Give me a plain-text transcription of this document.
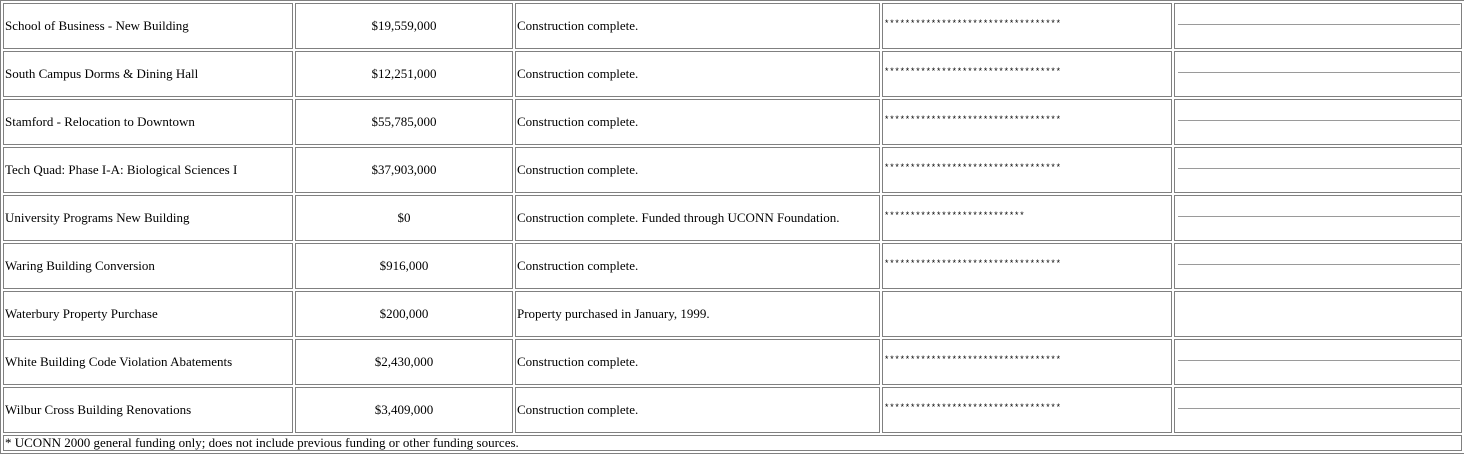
School of Business - New Building	$19,559,000	Construction complete.	**********************************	

South Campus Dorms & Dining Hall	$12,251,000	Construction complete.	**********************************	

Stamford - Relocation to Downtown	$55,785,000	Construction complete.	**********************************	

Tech Quad: Phase I-A: Biological Sciences I	$37,903,000	Construction complete.	**********************************	

University Programs New Building	$0	Construction complete. Funded through UCONN Foundation.	***************************	

Waring Building Conversion	$916,000	Construction complete.	**********************************	

Waterbury Property Purchase	$200,000	Property purchased in January, 1999.		

White Building Code Violation Abatements	$2,430,000	Construction complete.	**********************************	

Wilbur Cross Building Renovations	$3,409,000	Construction complete.	**********************************	

* UCONN 2000 general funding only; does not include previous funding or other funding sources.				
